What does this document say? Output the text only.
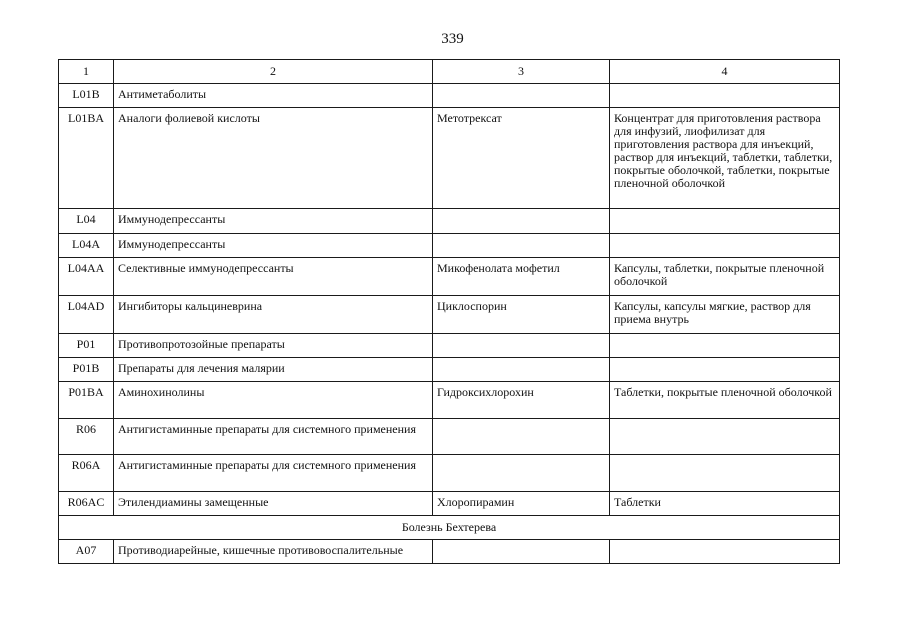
339
1	2	3	4
L01B	Антиметаболиты		
L01BA	Аналоги фолиевой кислоты	Метотрексат	Концентрат для приготовления раствора для инфузий, лиофилизат для приготовления раствора для инъекций, раствор для инъекций, таблетки, таблетки, покрытые оболочкой, таблетки, покрытые пленочной оболочкой
L04	Иммунодепрессанты		
L04A	Иммунодепрессанты		
L04AA	Селективные иммунодепрессанты	Микофенолата мофетил	Капсулы, таблетки, покрытые пленочной оболочкой
L04AD	Ингибиторы кальциневрина	Циклоспорин	Капсулы, капсулы мягкие, раствор для приема внутрь
P01	Противопротозойные препараты		
P01B	Препараты для лечения малярии		
P01BA	Аминохинолины	Гидроксихлорохин	Таблетки, покрытые пленочной оболочкой
R06	Антигистаминные препараты для системного применения		
R06A	Антигистаминные препараты для системного применения		
R06AC	Этилендиамины замещенные	Хлоропирамин	Таблетки
Болезнь Бехтерева			
A07	Противодиарейные, кишечные противовоспалительные		
